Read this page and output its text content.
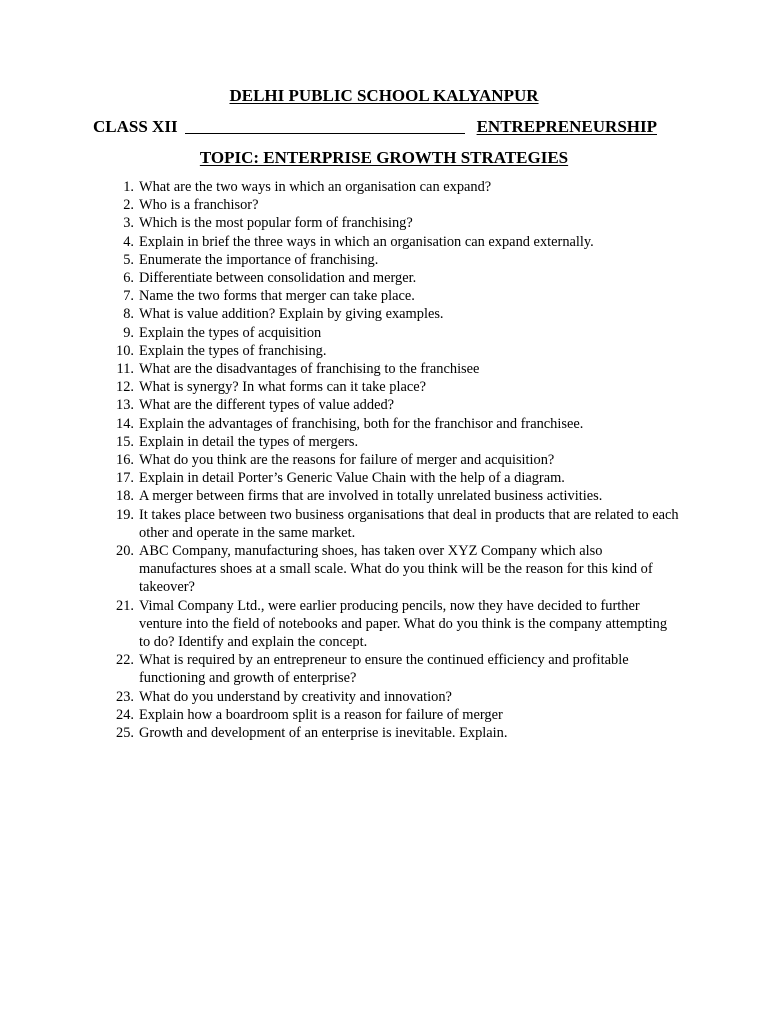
DELHI PUBLIC SCHOOL KALYANPUR
CLASS XII	ENTREPRENEURSHIP
TOPIC: ENTERPRISE GROWTH STRATEGIES
1. What are the two ways in which an organisation can expand?
2. Who is a franchisor?
3. Which is the most popular form of franchising?
4. Explain in brief the three ways in which an organisation can expand externally.
5. Enumerate the importance of franchising.
6. Differentiate between consolidation and merger.
7. Name the two forms that merger can take place.
8. What is value addition? Explain by giving examples.
9. Explain the types of acquisition
10. Explain the types of franchising.
11. What are the disadvantages of franchising to the franchisee
12. What is synergy? In what forms can it take place?
13. What are the different types of value added?
14. Explain the advantages of franchising, both for the franchisor and franchisee.
15. Explain in detail the types of mergers.
16. What do you think are the reasons for failure of merger and acquisition?
17. Explain in detail Porter’s Generic Value Chain with the help of a diagram.
18. A merger between firms that are involved in totally unrelated business activities.
19. It takes place between two business organisations that deal in products that are related to each other and operate in the same market.
20. ABC Company, manufacturing shoes, has taken over XYZ Company which also manufactures shoes at a small scale. What do you think will be the reason for this kind of takeover?
21. Vimal Company Ltd., were earlier producing pencils, now they have decided to further venture into the field of notebooks and paper. What do you think is the company attempting to do? Identify and explain the concept.
22. What is required by an entrepreneur to ensure the continued efficiency and profitable functioning and growth of enterprise?
23. What do you understand by creativity and innovation?
24. Explain how a boardroom split is a reason for failure of merger
25. Growth and development of an enterprise is inevitable. Explain.
